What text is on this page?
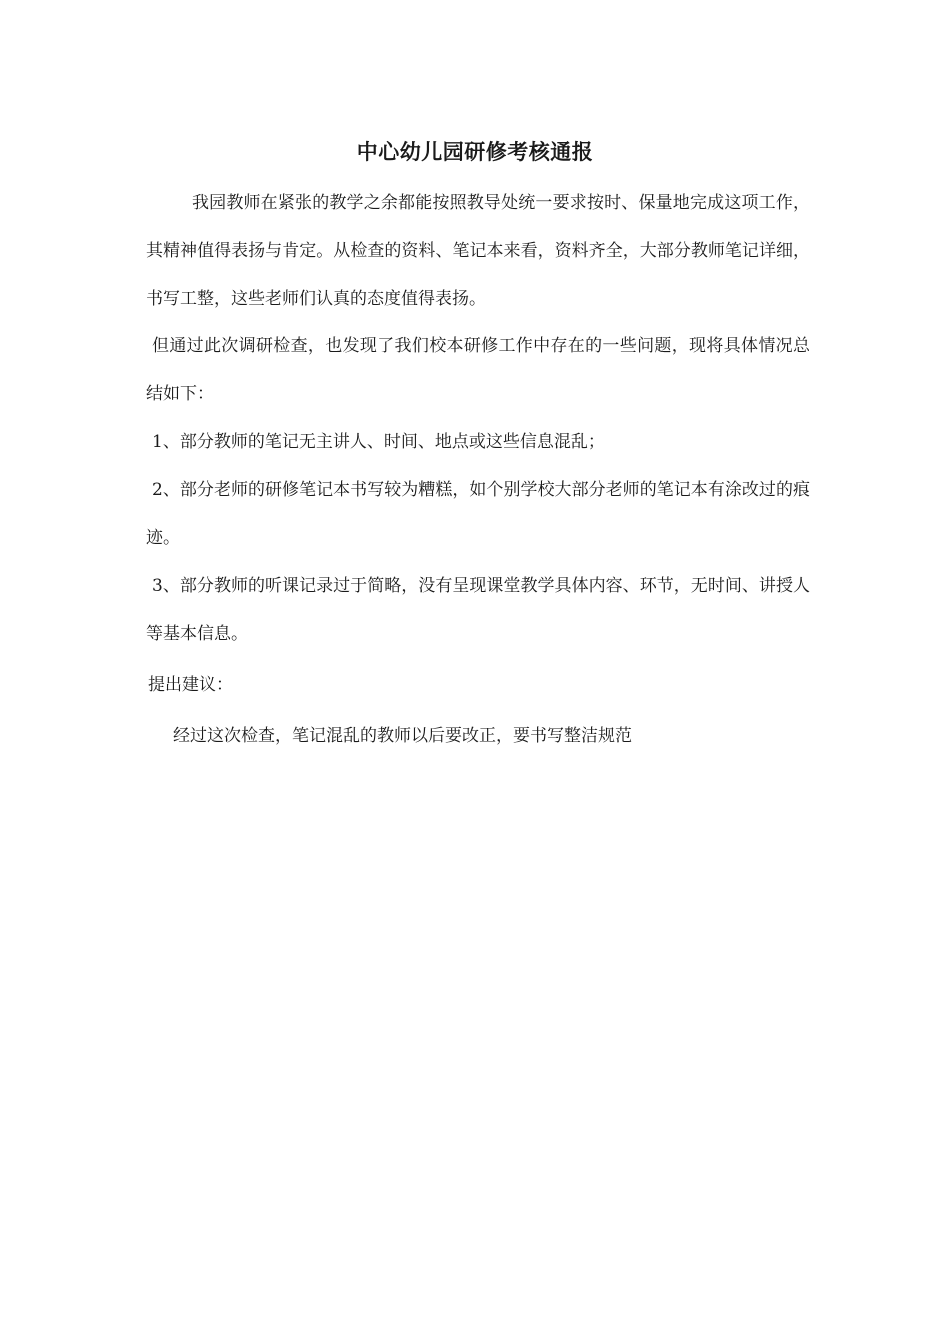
中心幼儿园研修考核通报
我园教师在紧张的教学之余都能按照教导处统一要求按时、保量地完成这项工作，其精神值得表扬与肯定。从检查的资料、笔记本来看，资料齐全，大部分教师笔记详细，书写工整，这些老师们认真的态度值得表扬。
但通过此次调研检查，也发现了我们校本研修工作中存在的一些问题，现将具体情况总结如下：
1、部分教师的笔记无主讲人、时间、地点或这些信息混乱；
2、部分老师的研修笔记本书写较为糟糕，如个别学校大部分老师的笔记本有涂改过的痕迹。
3、部分教师的听课记录过于简略，没有呈现课堂教学具体内容、环节，无时间、讲授人等基本信息。
提出建议：
经过这次检查，笔记混乱的教师以后要改正，要书写整洁规范
